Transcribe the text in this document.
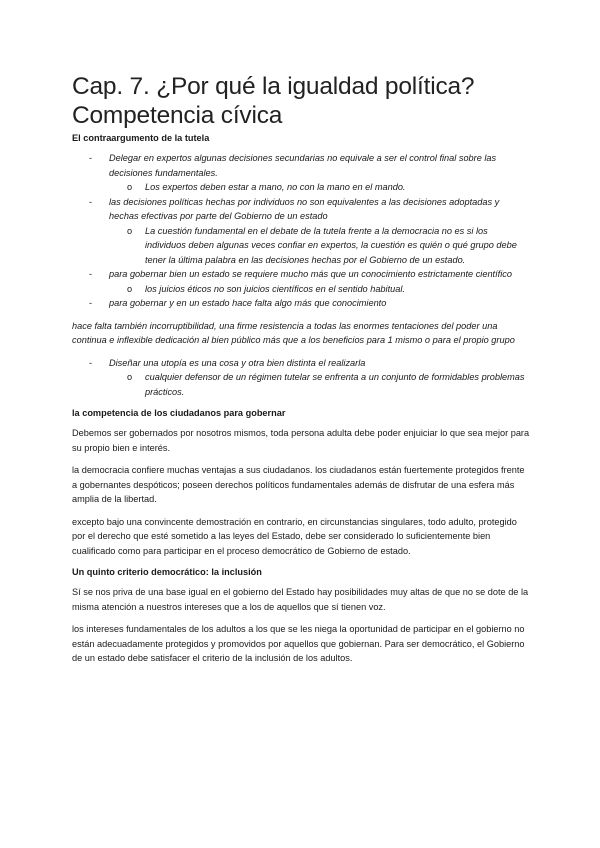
Cap. 7. ¿Por qué la igualdad política?
Competencia cívica
El contraargumento de la tutela
- Delegar en expertos algunas decisiones secundarias no equivale a ser el control final sobre las decisiones fundamentales.
o Los expertos deben estar a mano, no con la mano en el mando.
- las decisiones políticas hechas por individuos no son equivalentes a las decisiones adoptadas y hechas efectivas por parte del Gobierno de un estado
o La cuestión fundamental en el debate de la tutela frente a la democracia no es si los individuos deben algunas veces confiar en expertos, la cuestión es quién o qué grupo debe tener la última palabra en las decisiones hechas por el Gobierno de un estado.
- para gobernar bien un estado se requiere mucho más que un conocimiento estrictamente científico
o los juicios éticos no son juicios científicos en el sentido habitual.
- para gobernar y en un estado hace falta algo más que conocimiento

hace falta también incorruptibilidad, una firme resistencia a todas las enormes tentaciones del poder una continua e inflexible dedicación al bien público más que a los beneficios para 1 mismo o para el propio grupo

- Diseñar una utopía es una cosa y otra bien distinta el realizarla
o cualquier defensor de un régimen tutelar se enfrenta a un conjunto de formidables problemas prácticos.
la competencia de los ciudadanos para gobernar

Debemos ser gobernados por nosotros mismos, toda persona adulta debe poder enjuiciar lo que sea mejor para su propio bien e interés.

la democracia confiere muchas ventajas a sus ciudadanos. los ciudadanos están fuertemente protegidos frente a gobernantes despóticos; poseen derechos políticos fundamentales además de disfrutar de una esfera más amplia de la libertad.

excepto bajo una convincente demostración en contrario, en circunstancias singulares, todo adulto, protegido por el derecho que esté sometido a las leyes del Estado, debe ser considerado lo suficientemente bien cualificado como para participar en el proceso democrático de Gobierno de estado.

Un quinto criterio democrático: la inclusión

Sí se nos priva de una base igual en el gobierno del Estado hay posibilidades muy altas de que no se dote de la misma atención a nuestros intereses que a los de aquellos que sí tienen voz.

los intereses fundamentales de los adultos a los que se les niega la oportunidad de participar en el gobierno no están adecuadamente protegidos y promovidos por aquellos que gobiernan. Para ser democrático, el Gobierno de un estado debe satisfacer el criterio de la inclusión de los adultos.
